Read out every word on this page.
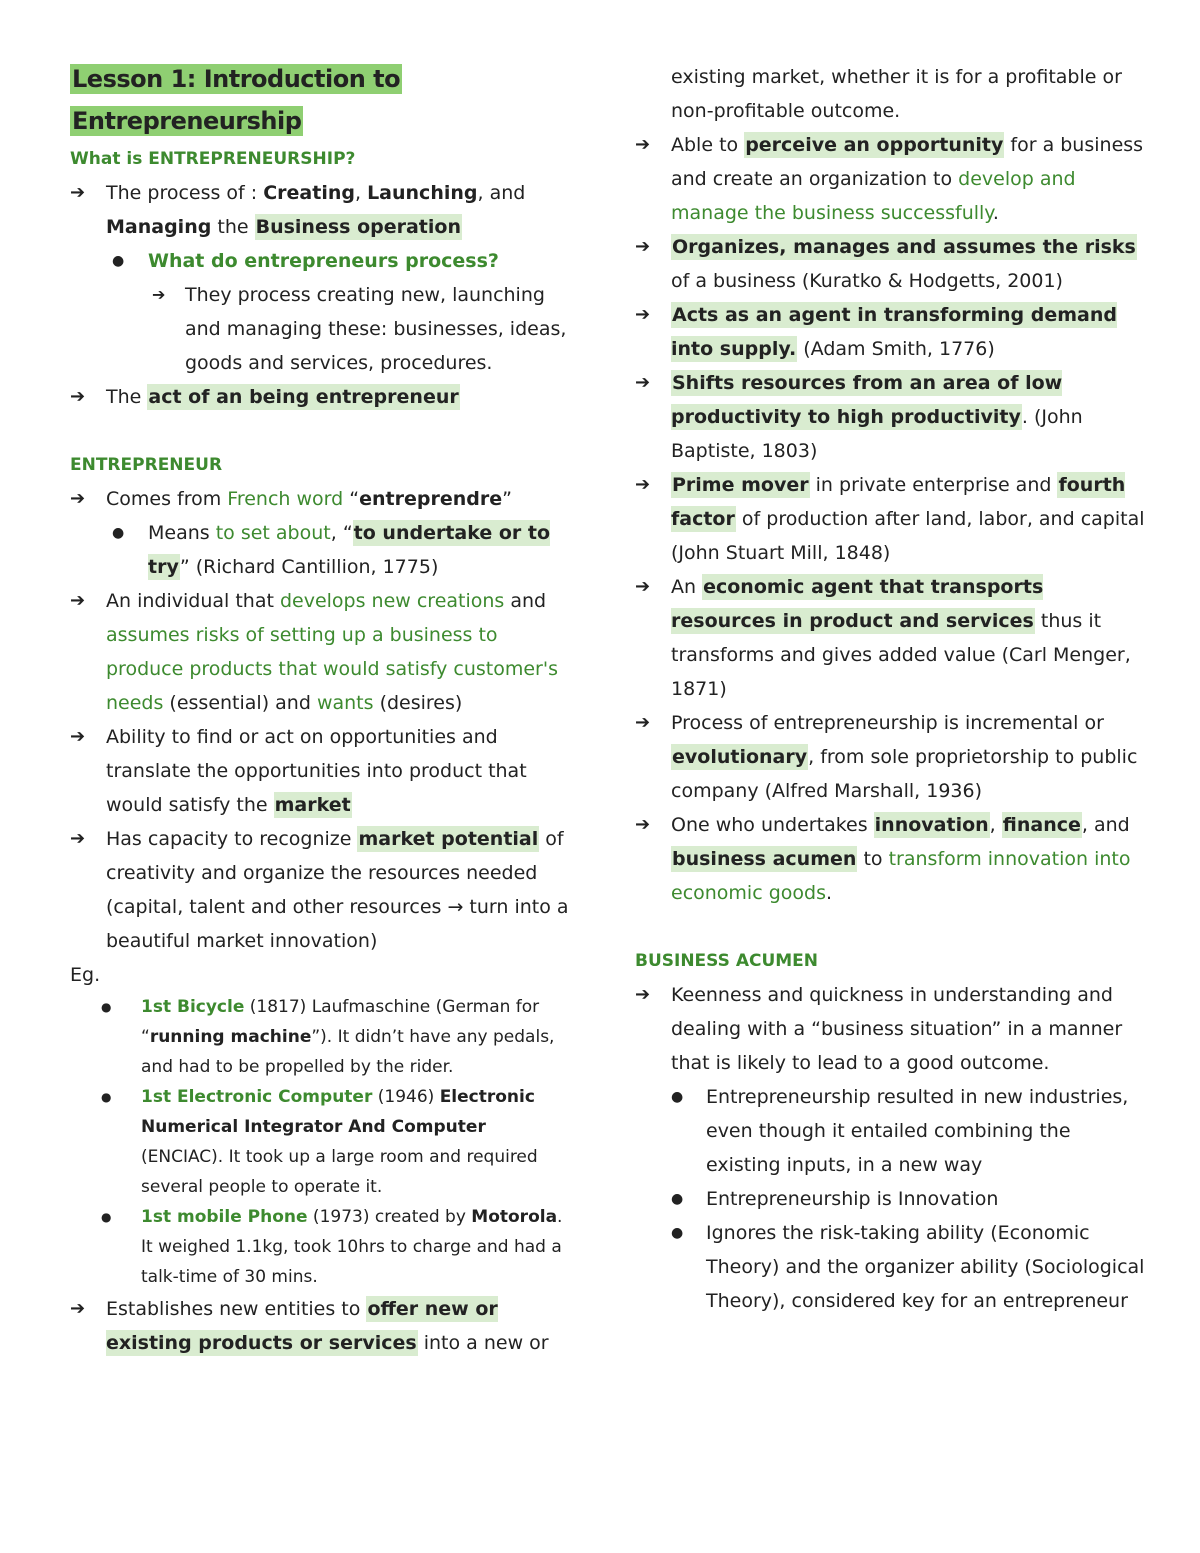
Lesson 1: Introduction to
Entrepreneurship
What is ENTREPRENEURSHIP?
➔ The process of : Creating, Launching, and Managing the Business operation
● What do entrepreneurs process?
➔ They process creating new, launching and managing these: businesses, ideas, goods and services, procedures.
➔ The act of an being entrepreneur
ENTREPRENEUR
➔ Comes from French word “entreprendre”
● Means to set about, “to undertake or to try” (Richard Cantillion, 1775)
➔ An individual that develops new creations and assumes risks of setting up a business to produce products that would satisfy customer's needs (essential) and wants (desires)
➔ Ability to find or act on opportunities and translate the opportunities into product that would satisfy the market
➔ Has capacity to recognize market potential of creativity and organize the resources needed (capital, talent and other resources → turn into a beautiful market innovation)
Eg.
● 1st Bicycle (1817) Laufmaschine (German for “running machine”). It didn’t have any pedals, and had to be propelled by the rider.
● 1st Electronic Computer (1946) Electronic Numerical Integrator And Computer (ENCIAC). It took up a large room and required several people to operate it.
● 1st mobile Phone (1973) created by Motorola. It weighed 1.1kg, took 10hrs to charge and had a talk-time of 30 mins.
➔ Establishes new entities to offer new or existing products or services into a new or
existing market, whether it is for a profitable or non-profitable outcome.
➔ Able to perceive an opportunity for a business and create an organization to develop and manage the business successfully.
➔ Organizes, manages and assumes the risks of a business (Kuratko & Hodgetts, 2001)
➔ Acts as an agent in transforming demand into supply. (Adam Smith, 1776)
➔ Shifts resources from an area of low productivity to high productivity. (John Baptiste, 1803)
➔ Prime mover in private enterprise and fourth factor of production after land, labor, and capital (John Stuart Mill, 1848)
➔ An economic agent that transports resources in product and services thus it transforms and gives added value (Carl Menger, 1871)
➔ Process of entrepreneurship is incremental or evolutionary, from sole proprietorship to public company (Alfred Marshall, 1936)
➔ One who undertakes innovation, finance, and business acumen to transform innovation into economic goods.
BUSINESS ACUMEN
➔ Keenness and quickness in understanding and dealing with a “business situation” in a manner that is likely to lead to a good outcome.
● Entrepreneurship resulted in new industries, even though it entailed combining the existing inputs, in a new way
● Entrepreneurship is Innovation
● Ignores the risk-taking ability (Economic Theory) and the organizer ability (Sociological Theory), considered key for an entrepreneur
